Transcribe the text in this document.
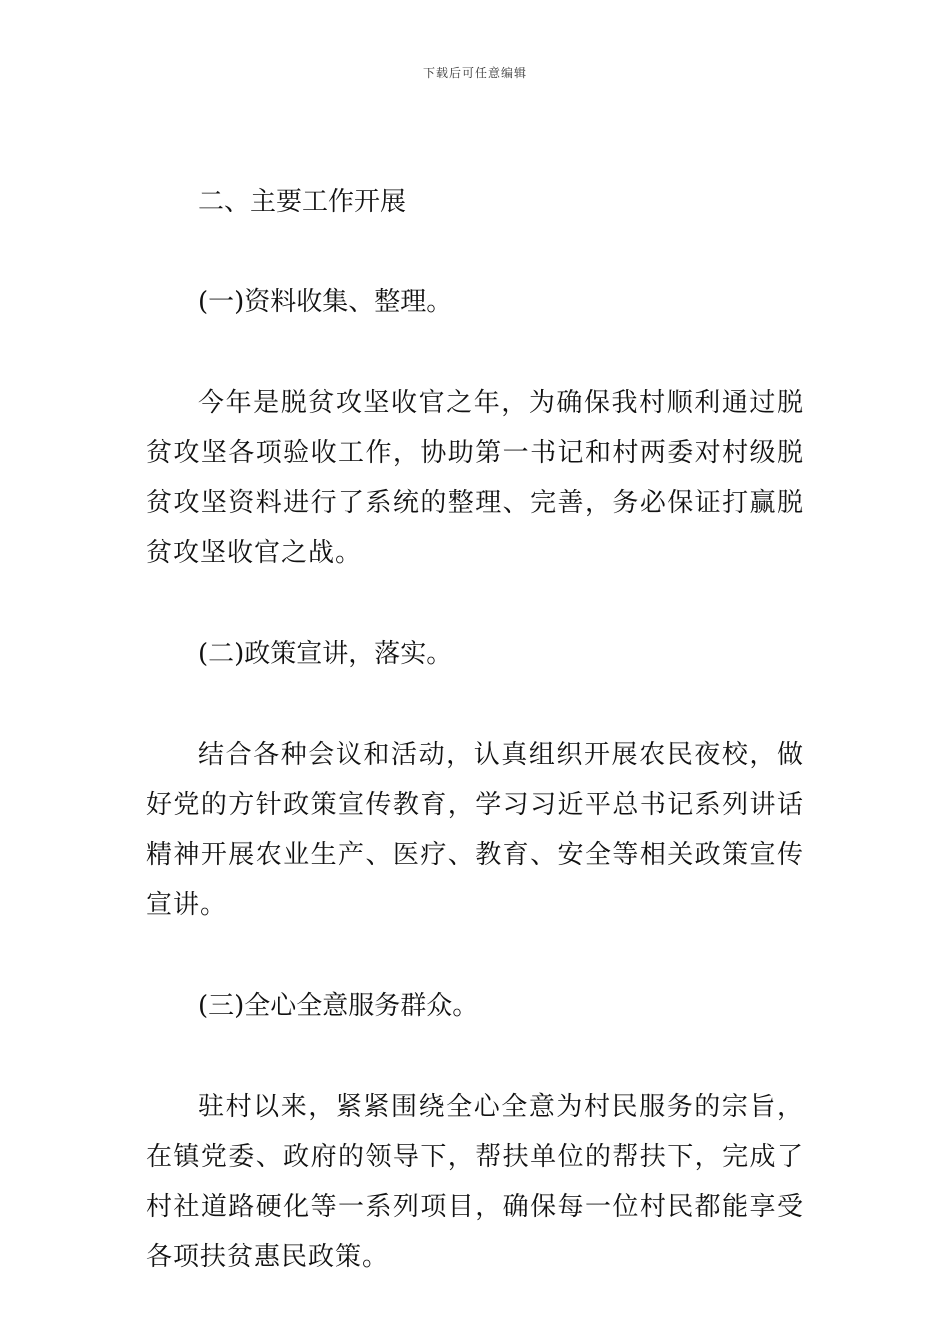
下载后可任意编辑

二、主要工作开展

(一)资料收集、整理。

今年是脱贫攻坚收官之年，为确保我村顺利通过脱贫攻坚各项验收工作，协助第一书记和村两委对村级脱贫攻坚资料进行了系统的整理、完善，务必保证打赢脱贫攻坚收官之战。

(二)政策宣讲，落实。

结合各种会议和活动，认真组织开展农民夜校，做好党的方针政策宣传教育，学习习近平总书记系列讲话精神开展农业生产、医疗、教育、安全等相关政策宣传宣讲。

(三)全心全意服务群众。

驻村以来，紧紧围绕全心全意为村民服务的宗旨，在镇党委、政府的领导下，帮扶单位的帮扶下，完成了村社道路硬化等一系列项目，确保每一位村民都能享受各项扶贫惠民政策。
